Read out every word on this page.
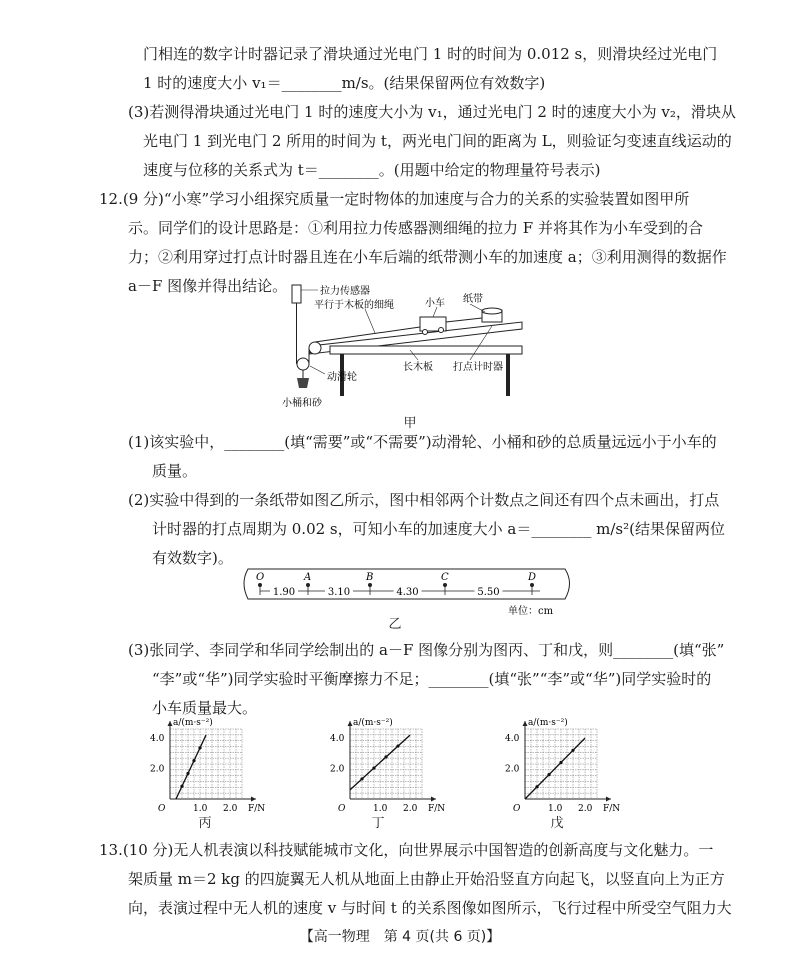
门相连的数字计时器记录了滑块通过光电门 1 时的时间为 0.012 s，则滑块经过光电门
1 时的速度大小 v₁＝________m/s。(结果保留两位有效数字)
(3)若测得滑块通过光电门 1 时的速度大小为 v₁，通过光电门 2 时的速度大小为 v₂，滑块从
光电门 1 到光电门 2 所用的时间为 t，两光电门间的距离为 L，则验证匀变速直线运动的
速度与位移的关系式为 t＝________。(用题中给定的物理量符号表示)
12.(9 分)“小寒”学习小组探究质量一定时物体的加速度与合力的关系的实验装置如图甲所
示。同学们的设计思路是：①利用拉力传感器测细绳的拉力 F 并将其作为小车受到的合
力；②利用穿过打点计时器且连在小车后端的纸带测小车的加速度 a；③利用测得的数据作
a－F 图像并得出结论。	拉力传感器
平行于木板的细绳	小车 纸带
长木板 打点计时器
动滑轮
小桶和砂
甲
(1)该实验中，________(填“需要”或“不需要”)动滑轮、小桶和砂的总质量远远小于小车的
质量。
(2)实验中得到的一条纸带如图乙所示，图中相邻两个计数点之间还有四个点未画出，打点
计时器的打点周期为 0.02 s，可知小车的加速度大小 a＝________ m/s²(结果保留两位
有效数字)。
O	A	B	C	D
1.90	3.10	4.30	5.50
单位：cm
乙
(3)张同学、李同学和华同学绘制出的 a－F 图像分别为图丙、丁和戊，则________(填“张”
“李”或“华”)同学实验时平衡摩擦力不足；________(填“张”“李”或“华”)同学实验时的
小车质量最大。
a/(m·s⁻²)
F/N
4.0
2.0
1.0 2.0
O
a/(m·s⁻²)
F/N
4.0
2.0
1.0 2.0
O
a/(m·s⁻²)
F/N
4.0
2.0
1.0 2.0
O
丙	丁	戊
13.(10 分)无人机表演以科技赋能城市文化，向世界展示中国智造的创新高度与文化魅力。一
架质量 m＝2 kg 的四旋翼无人机从地面上由静止开始沿竖直方向起飞，以竖直向上为正方
向，表演过程中无人机的速度 v 与时间 t 的关系图像如图所示，飞行过程中所受空气阻力大
【高一物理　第 4 页(共 6 页)】
